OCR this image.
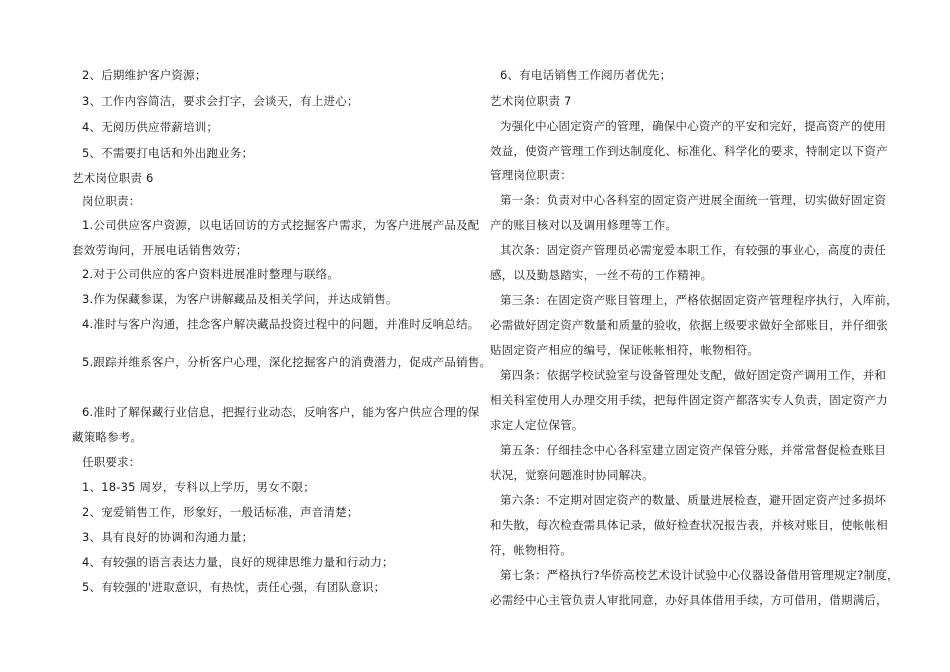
2、后期维护客户资源；
3、工作内容简洁，要求会打字，会谈天，有上进心；
4、无阅历供应带薪培训；
5、不需要打电话和外出跑业务；
艺术岗位职责 6
岗位职责：
1.公司供应客户资源，以电话回访的方式挖掘客户需求，为客户进展产品及配
套效劳询问，开展电话销售效劳；
2.对于公司供应的客户资料进展准时整理与联络。
3.作为保藏参谋，为客户讲解藏品及相关学问，并达成销售。
4.准时与客户沟通，挂念客户解决藏品投资过程中的问题，并准时反响总结。
5.跟踪并维系客户，分析客户心理，深化挖掘客户的消费潜力，促成产品销售。
6.准时了解保藏行业信息，把握行业动态，反响客户，能为客户供应合理的保
藏策略参考。
任职要求：
1、18-35 周岁，专科以上学历，男女不限；
2、宠爱销售工作，形象好，一般话标准，声音清楚；
3、具有良好的协调和沟通力量；
4、有较强的语言表达力量，良好的规律思维力量和行动力；
5、有较强的'进取意识，有热忱，责任心强，有团队意识；
6、有电话销售工作阅历者优先；
艺术岗位职责 7
为强化中心固定资产的管理，确保中心资产的平安和完好，提高资产的使用
效益，使资产管理工作到达制度化、标准化、科学化的要求，特制定以下资产
管理岗位职责：
第一条：负责对中心各科室的固定资产进展全面统一管理，切实做好固定资
产的账目核对以及调用修理等工作。
其次条：固定资产管理员必需宠爱本职工作，有较强的事业心，高度的责任
感，以及勤恳踏实，一丝不苟的工作精神。
第三条：在固定资产账目管理上，严格依据固定资产管理程序执行，入库前，
必需做好固定资产数量和质量的验收，依据上级要求做好全部账目，并仔细张
贴固定资产相应的编号，保证帐帐相符，帐物相符。
第四条：依据学校试验室与设备管理处支配，做好固定资产调用工作，并和
相关科室使用人办理交用手续，把每件固定资产都落实专人负责，固定资产力
求定人定位保管。
第五条：仔细挂念中心各科室建立固定资产保管分账，并常常督促检查账目
状况，觉察问题准时协同解决。
第六条：不定期对固定资产的数量、质量进展检查，避开固定资产过多损坏
和失散，每次检查需具体记录，做好检查状况报告表，并核对账目，使帐帐相
符，帐物相符。
第七条：严格执行?华侨高校艺术设计试验中心仪器设备借用管理规定?制度，
必需经中心主管负责人审批同意，办好具体借用手续，方可借用，借期满后，
